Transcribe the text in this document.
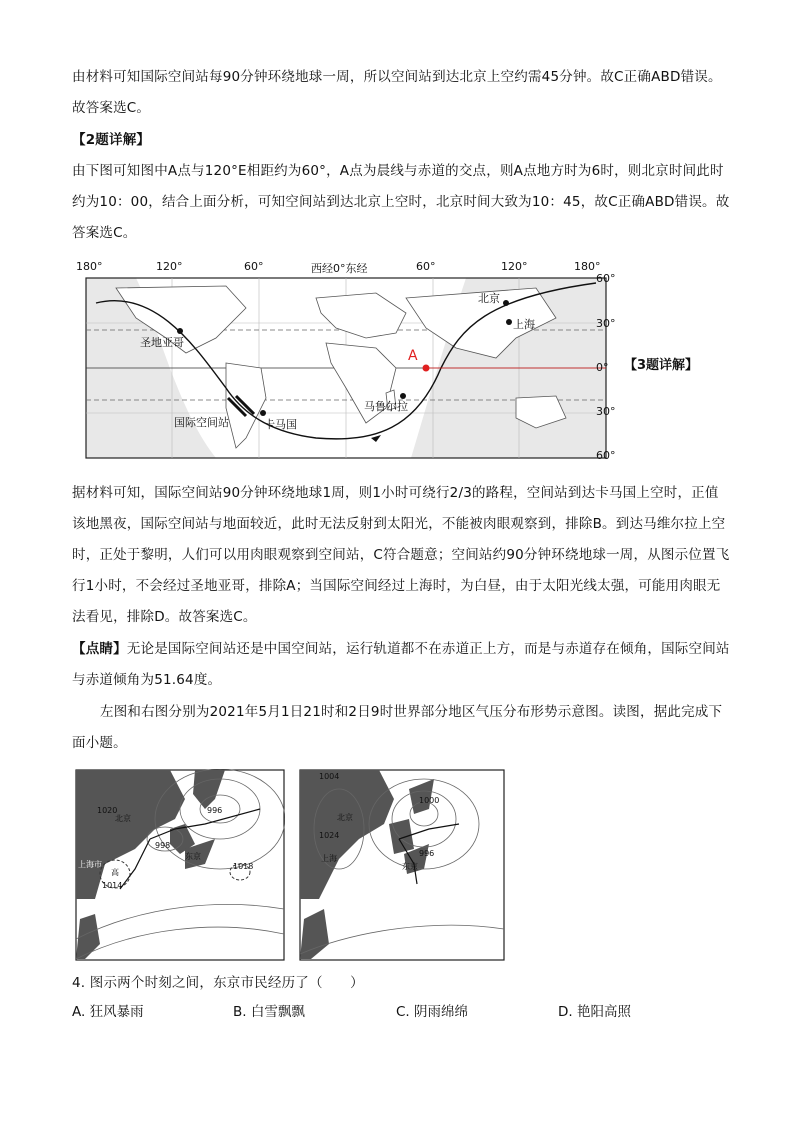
由材料可知国际空间站每90分钟环绕地球一周，所以空间站到达北京上空约需45分钟。故C正确ABD错误。故答案选C。
【2题详解】
由下图可知图中A点与120°E相距约为60°，A点为晨线与赤道的交点，则A点地方时为6时，则北京时间此时约为10：00，结合上面分析，可知空间站到达北京上空时，北京时间大致为10：45，故C正确ABD错误。故答案选C。
180°	120°	60°	西经0°东经	60°	120°	180°
60°
30°
0°
30°
60°
北京
上海
圣地亚哥
国际空间站	卡马国
马鲁尔拉
A
【3题详解】
据材料可知，国际空间站90分钟环绕地球1周，则1小时可绕行2/3的路程，空间站到达卡马国上空时，正值该地黑夜，国际空间站与地面较近，此时无法反射到太阳光，不能被肉眼观察到，排除B。到达马维尔拉上空时，正处于黎明，人们可以用肉眼观察到空间站，C符合题意；空间站约90分钟环绕地球一周，从图示位置飞行1小时，不会经过圣地亚哥，排除A；当国际空间经过上海时，为白昼，由于太阳光线太强，可能用肉眼无法看见，排除D。故答案选C。
【点睛】无论是国际空间站还是中国空间站，运行轨道都不在赤道正上方，而是与赤道存在倾角，国际空间站与赤道倾角为51.64度。
左图和右图分别为2021年5月1日21时和2日9时世界部分地区气压分布形势示意图。读图，据此完成下面小题。
1020	996
998
1018
1014
北京
东京
上海市
高
1004
1000
1024
996
北京
东京
上海
4. 图示两个时刻之间，东京市民经历了（　　）
A. 狂风暴雨	B. 白雪飘飘	C. 阴雨绵绵	D. 艳阳高照
